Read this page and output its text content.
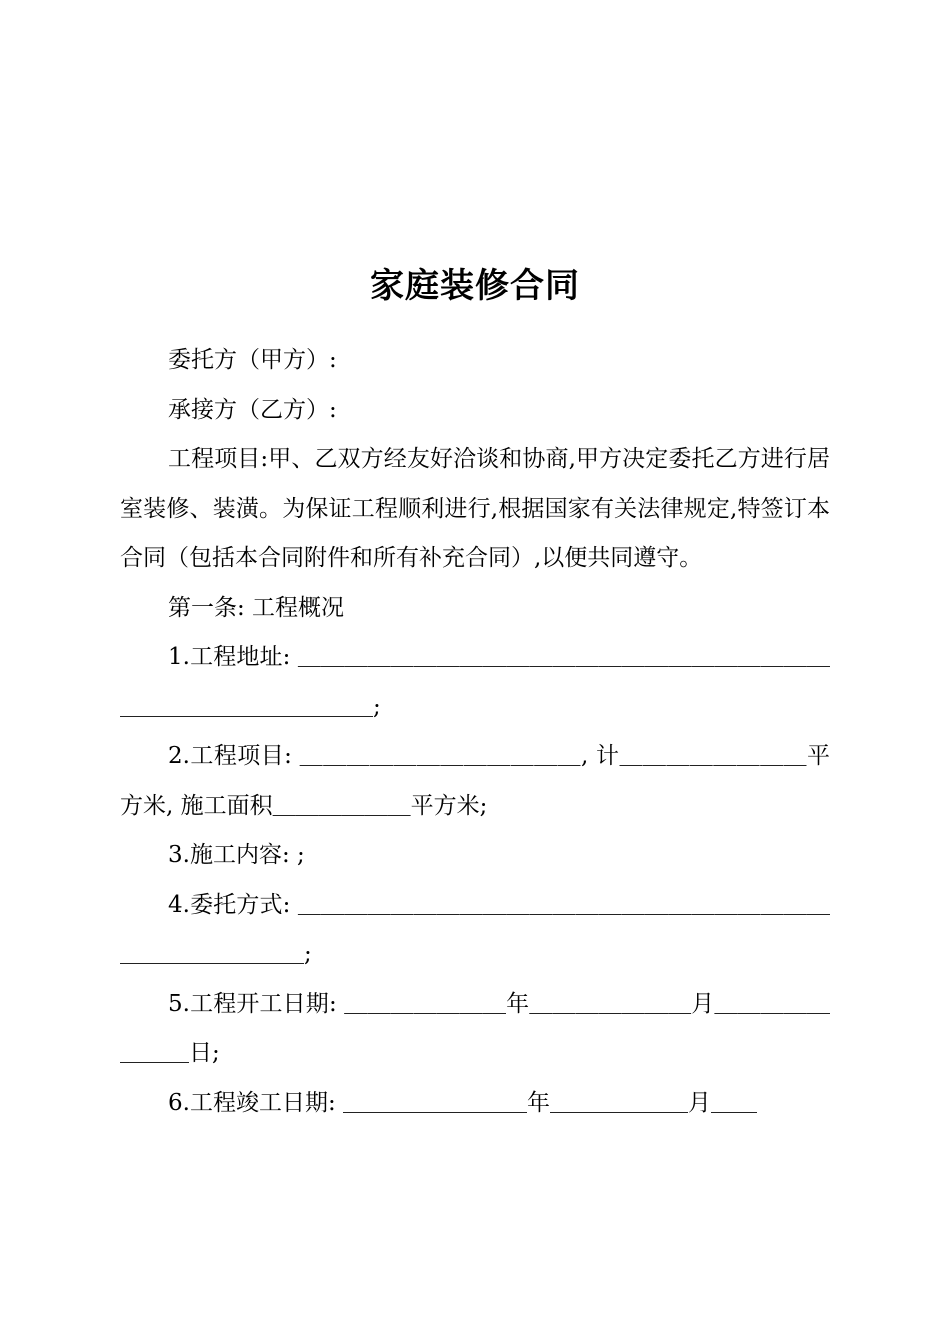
家庭装修合同

委托方（甲方）:

承接方（乙方）:

工程项目:甲、乙双方经友好洽谈和协商,甲方决定委托乙方进行居室装修、装潢。为保证工程顺利进行,根据国家有关法律规定,特签订本合同（包括本合同附件和所有补充合同）,以便共同遵守。

第一条: 工程概况

1.工程地址: ＿＿＿＿＿＿＿＿＿＿＿＿＿＿＿＿＿＿＿＿＿＿＿＿＿＿＿＿＿＿＿＿＿＿;

2.工程项目: ＿＿＿＿＿＿＿＿＿＿＿＿, 计＿＿＿＿＿＿＿＿平方米, 施工面积＿＿＿＿＿＿平方米;

3.施工内容: ;

4.委托方式: ＿＿＿＿＿＿＿＿＿＿＿＿＿＿＿＿＿＿＿＿＿＿＿＿＿＿＿＿＿＿＿;

5.工程开工日期: ＿＿＿＿＿＿＿年＿＿＿＿＿＿＿月＿＿＿＿＿＿＿＿日;

6.工程竣工日期: ＿＿＿＿＿＿＿＿年＿＿＿＿＿＿月＿＿
